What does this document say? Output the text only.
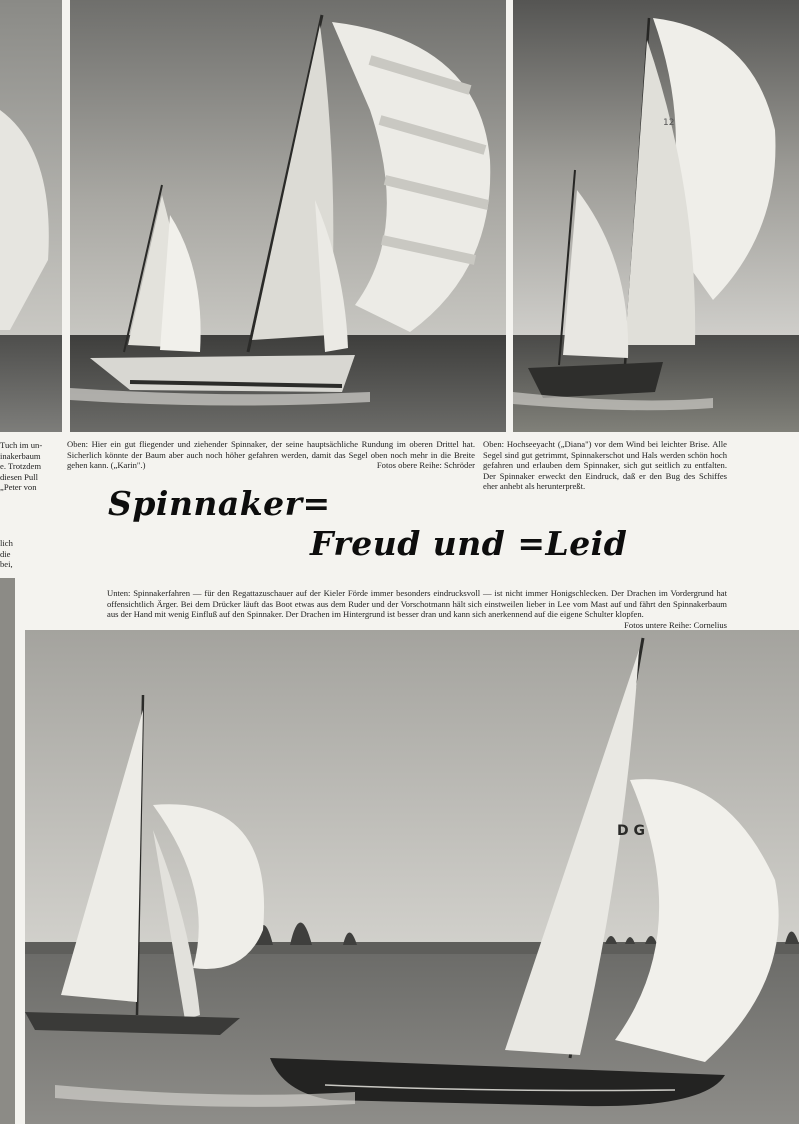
12
Tuch im un-
inakerbaum
e. Trotzdem
diesen Pull
„Peter von
lich
die
bei,
Oben: Hier ein gut fliegender und ziehender Spinnaker, der seine hauptsächliche Rundung im oberen Drittel hat. Sicherlich könnte der Baum aber auch noch höher gefahren werden, damit das Segel oben noch mehr in die Breite gehen kann. („Karin".)	Fotos obere Reihe: Schröder
Oben: Hochseeyacht („Diana") vor dem Wind bei leichter Brise. Alle Segel sind gut getrimmt, Spinnakerschot und Hals werden schön hoch gefahren und erlauben dem Spinnaker, sich gut seitlich zu entfalten. Der Spinnaker erweckt den Eindruck, daß er den Bug des Schiffes eher anhebt als herunterpreßt.
Spinnaker=
Freud und =Leid
Unten: Spinnakerfahren — für den Regattazuschauer auf der Kieler Förde immer besonders eindrucksvoll — ist nicht immer Honigschlecken. Der Drachen im Vordergrund hat offensichtlich Ärger. Bei dem Drücker läuft das Boot etwas aus dem Ruder und der Vorschotmann hält sich einstweilen lieber in Lee vom Mast auf und fährt den Spinnakerbaum aus der Hand mit wenig Einfluß auf den Spinnaker. Der Drachen im Hintergrund ist besser dran und kann sich anerkennend auf die eigene Schulter klopfen.
Fotos untere Reihe: Cornelius
D G
